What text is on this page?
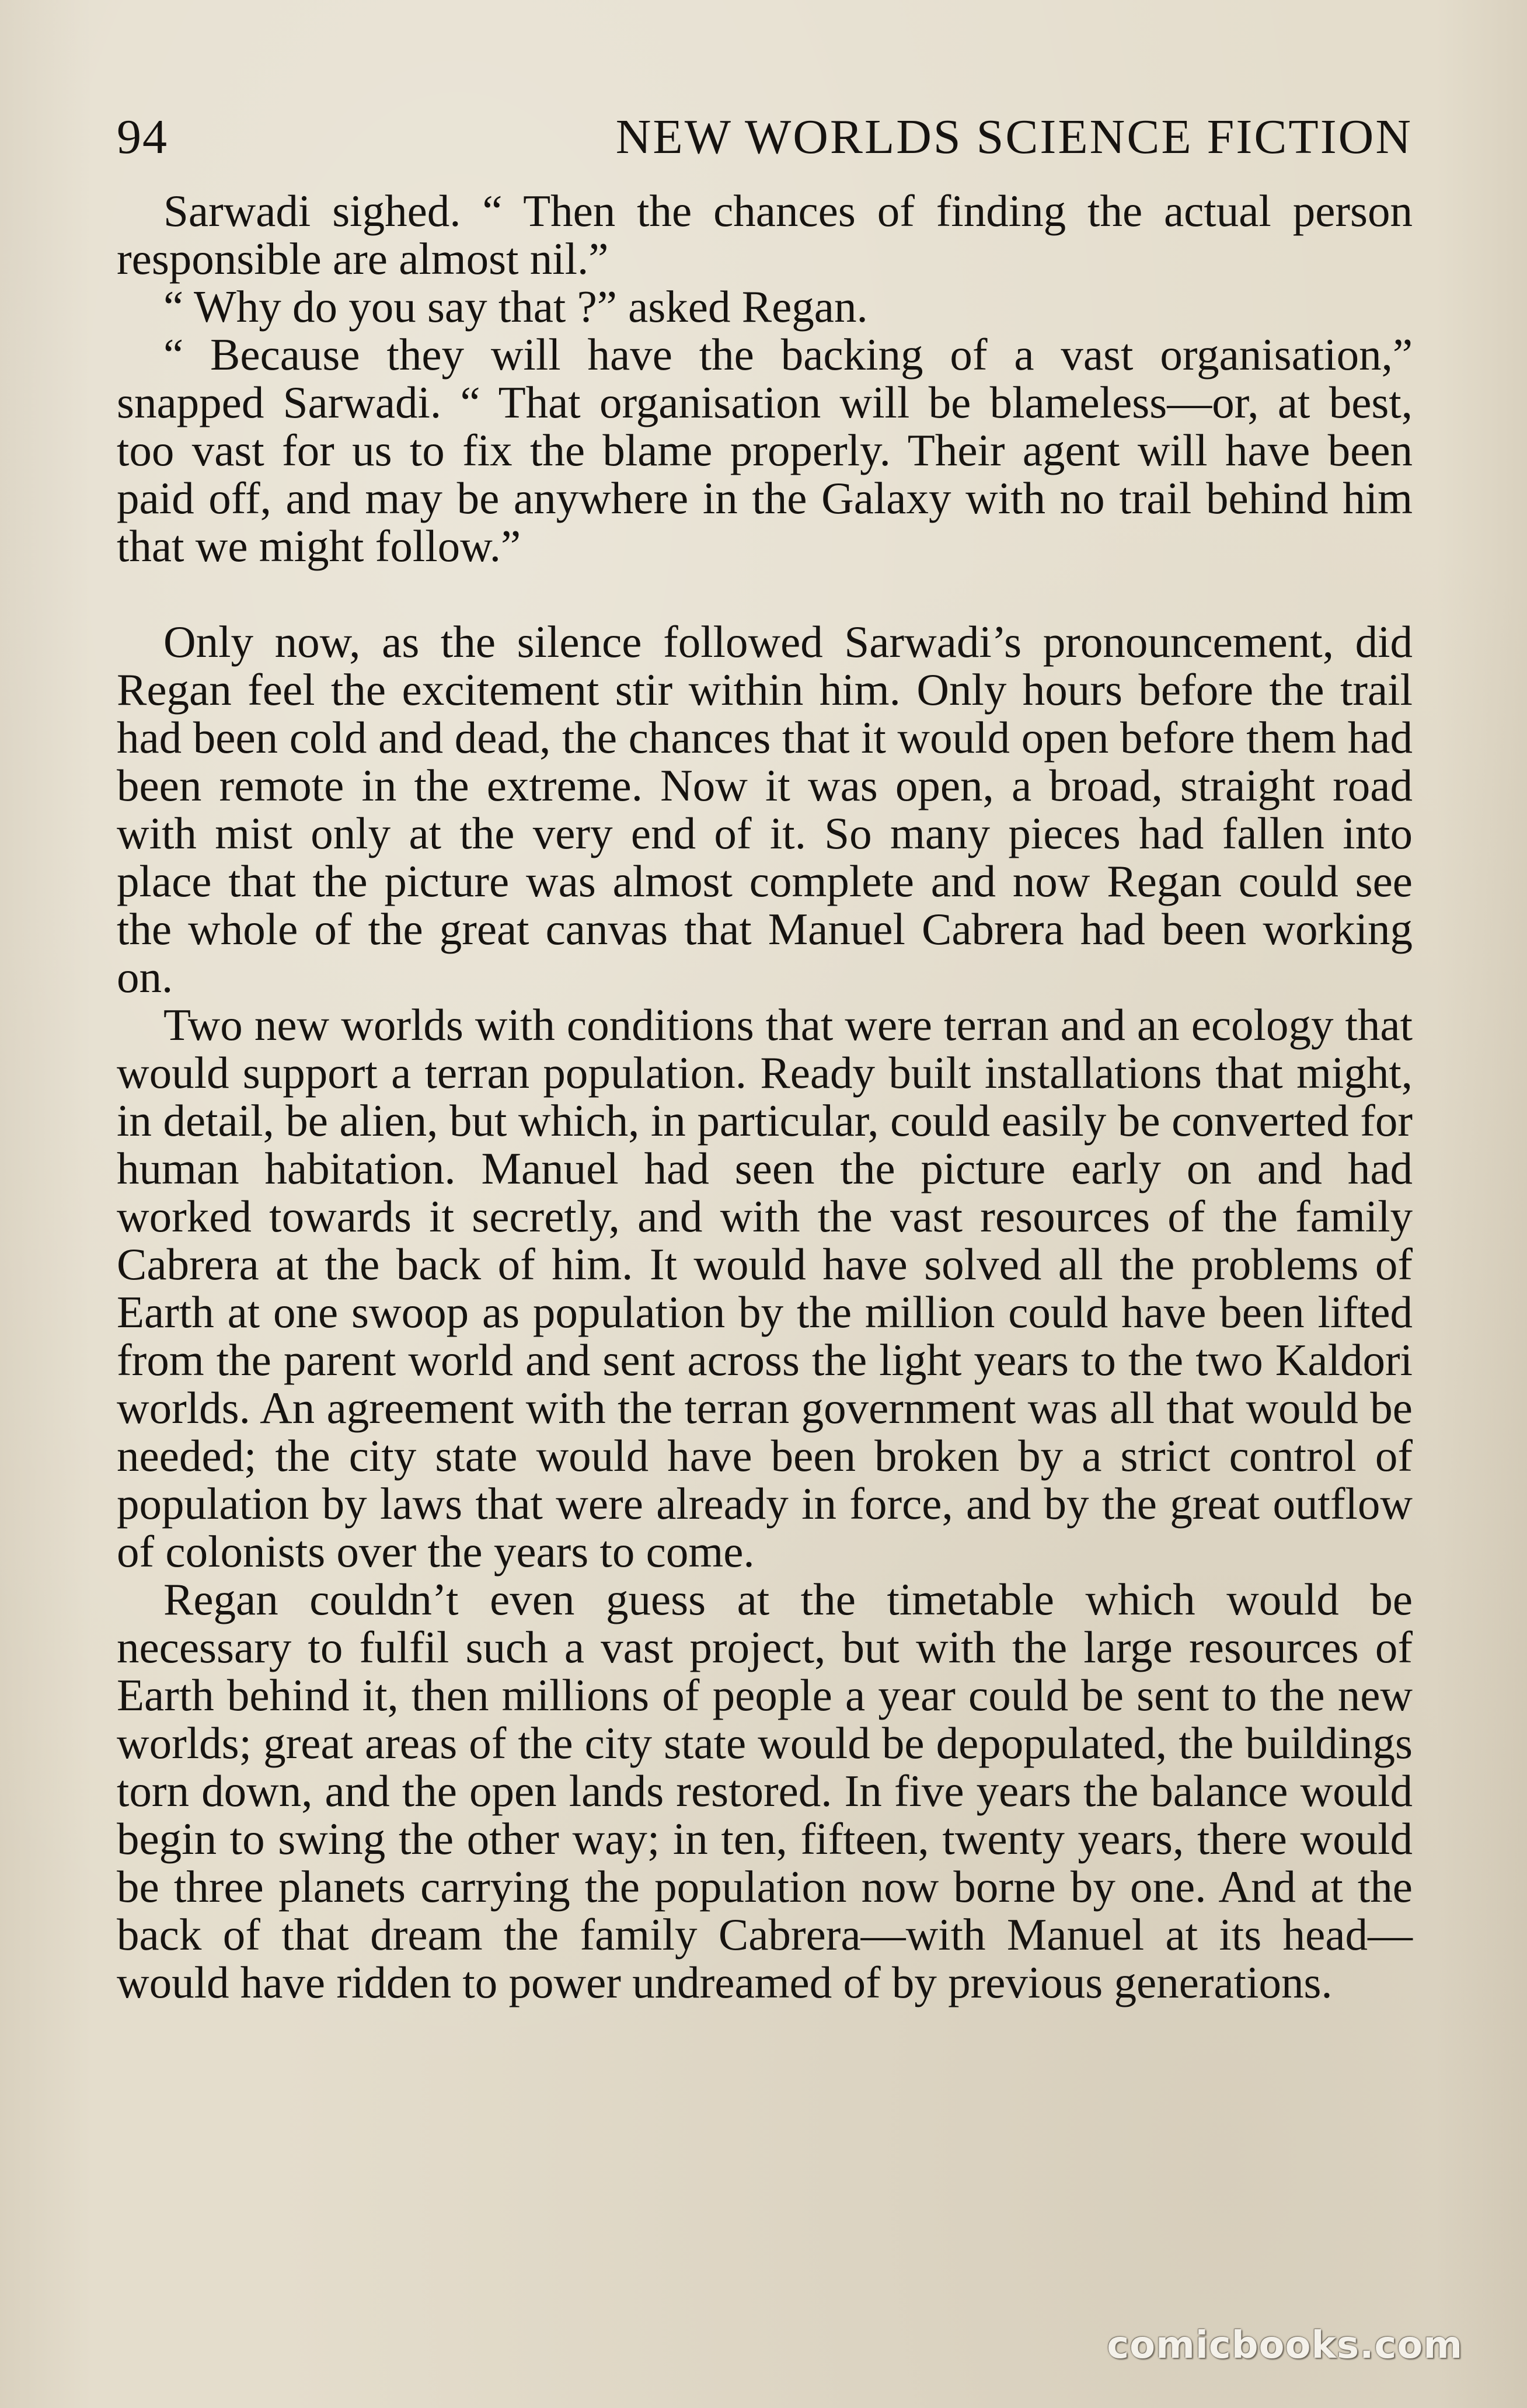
94	NEW WORLDS SCIENCE FICTION

Sarwadi sighed. “ Then the chances of finding the actual person responsible are almost nil.”

“ Why do you say that ?” asked Regan.

“ Because they will have the backing of a vast organisation,” snapped Sarwadi. “ That organisation will be blameless—or, at best, too vast for us to fix the blame properly. Their agent will have been paid off, and may be anywhere in the Galaxy with no trail behind him that we might follow.”

Only now, as the silence followed Sarwadi’s pronouncement, did Regan feel the excitement stir within him. Only hours before the trail had been cold and dead, the chances that it would open before them had been remote in the extreme. Now it was open, a broad, straight road with mist only at the very end of it. So many pieces had fallen into place that the picture was almost complete and now Regan could see the whole of the great canvas that Manuel Cabrera had been working on.

Two new worlds with conditions that were terran and an ecology that would support a terran population. Ready built installations that might, in detail, be alien, but which, in particular, could easily be converted for human habitation. Manuel had seen the picture early on and had worked towards it secretly, and with the vast resources of the family Cabrera at the back of him. It would have solved all the problems of Earth at one swoop as population by the million could have been lifted from the parent world and sent across the light years to the two Kaldori worlds. An agreement with the terran government was all that would be needed; the city state would have been broken by a strict control of population by laws that were already in force, and by the great outflow of colonists over the years to come.

Regan couldn’t even guess at the timetable which would be necessary to fulfil such a vast project, but with the large resources of Earth behind it, then millions of people a year could be sent to the new worlds; great areas of the city state would be depopulated, the buildings torn down, and the open lands restored. In five years the balance would begin to swing the other way; in ten, fifteen, twenty years, there would be three planets carrying the population now borne by one. And at the back of that dream the family Cabrera—with Manuel at its head—would have ridden to power undreamed of by previous generations.

comicbooks.com
